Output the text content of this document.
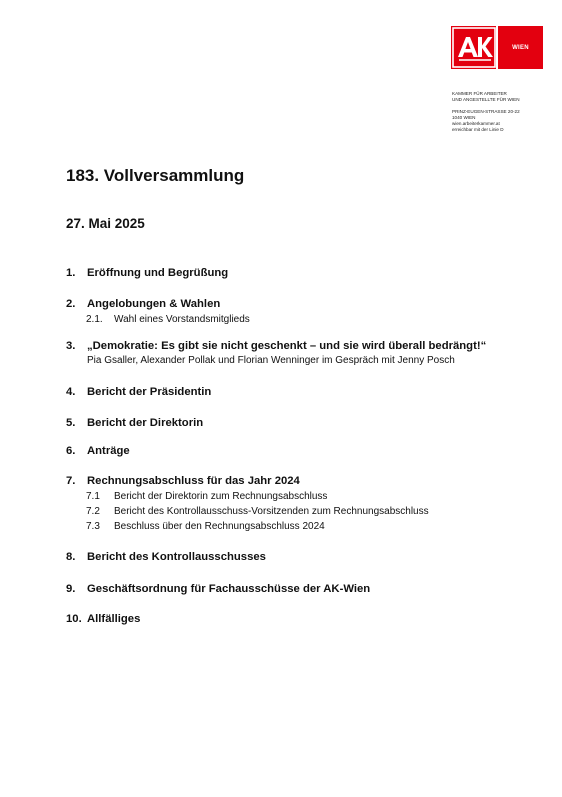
WIEN
KAMMER FÜR ARBEITER
UND ANGESTELLTE FÜR WIEN
PRINZ-EUGEN-STRASSE 20-22
1040 WIEN
wien.arbeiterkammer.at
erreichbar mit der Linie D
183. Vollversammlung
27. Mai 2025
1. Eröffnung und Begrüßung
2. Angelobungen & Wahlen
2.1. Wahl eines Vorstandsmitglieds
3. „Demokratie: Es gibt sie nicht geschenkt – und sie wird überall bedrängt!“
Pia Gsaller, Alexander Pollak und Florian Wenninger im Gespräch mit Jenny Posch
4. Bericht der Präsidentin
5. Bericht der Direktorin
6. Anträge
7. Rechnungsabschluss für das Jahr 2024
7.1 Bericht der Direktorin zum Rechnungsabschluss
7.2 Bericht des Kontrollausschuss-Vorsitzenden zum Rechnungsabschluss
7.3 Beschluss über den Rechnungsabschluss 2024
8. Bericht des Kontrollausschusses
9. Geschäftsordnung für Fachausschüsse der AK-Wien
10. Allfälliges
